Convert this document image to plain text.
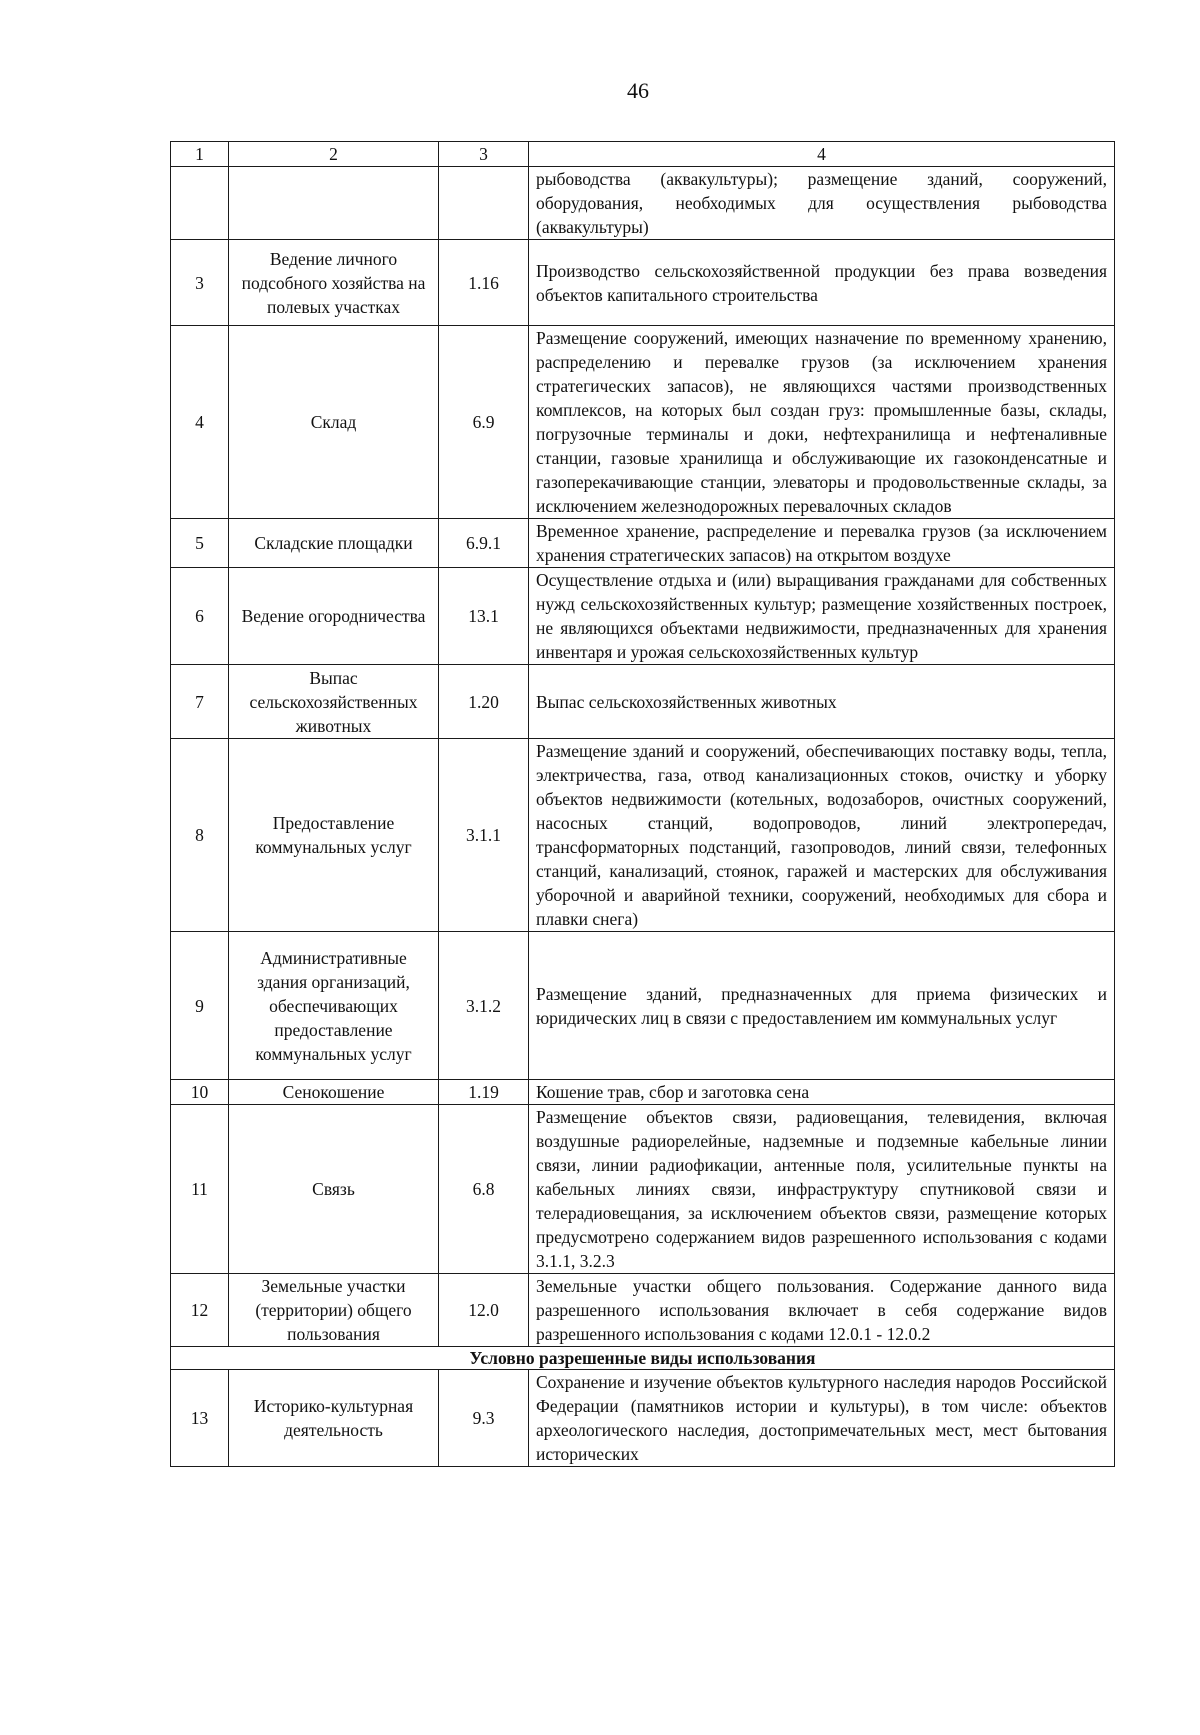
46
1	2	3	4
			рыбоводства (аквакультуры); размещение зданий, сооружений, оборудования, необходимых для осуществления рыбоводства (аквакультуры)
3	Ведение личного подсобного хозяйства на полевых участках	1.16	Производство сельскохозяйственной продукции без права возведения объектов капитального строительства
4	Склад	6.9	Размещение сооружений, имеющих назначение по временному хранению, распределению и перевалке грузов (за исключением хранения стратегических запасов), не являющихся частями производственных комплексов, на которых был создан груз: промышленные базы, склады, погрузочные терминалы и доки, нефтехранилища и нефтеналивные станции, газовые хранилища и обслуживающие их газоконденсатные и газоперекачивающие станции, элеваторы и продовольственные склады, за исключением железнодорожных перевалочных складов
5	Складские площадки	6.9.1	Временное хранение, распределение и перевалка грузов (за исключением хранения стратегических запасов) на открытом воздухе
6	Ведение огородничества	13.1	Осуществление отдыха и (или) выращивания гражданами для собственных нужд сельскохозяйственных культур; размещение хозяйственных построек, не являющихся объектами недвижимости, предназначенных для хранения инвентаря и урожая сельскохозяйственных культур
7	Выпас сельскохозяйственных животных	1.20	Выпас сельскохозяйственных животных
8	Предоставление коммунальных услуг	3.1.1	Размещение зданий и сооружений, обеспечивающих поставку воды, тепла, электричества, газа, отвод канализационных стоков, очистку и уборку объектов недвижимости (котельных, водозаборов, очистных сооружений, насосных станций, водопроводов, линий электропередач, трансформаторных подстанций, газопроводов, линий связи, телефонных станций, канализаций, стоянок, гаражей и мастерских для обслуживания уборочной и аварийной техники, сооружений, необходимых для сбора и плавки снега)
9	Административные здания организаций, обеспечивающих предоставление коммунальных услуг	3.1.2	Размещение зданий, предназначенных для приема физических и юридических лиц в связи с предоставлением им коммунальных услуг
10	Сенокошение	1.19	Кошение трав, сбор и заготовка сена
11	Связь	6.8	Размещение объектов связи, радиовещания, телевидения, включая воздушные радиорелейные, надземные и подземные кабельные линии связи, линии радиофикации, антенные поля, усилительные пункты на кабельных линиях связи, инфраструктуру спутниковой связи и телерадиовещания, за исключением объектов связи, размещение которых предусмотрено содержанием видов разрешенного использования с кодами 3.1.1, 3.2.3
12	Земельные участки (территории) общего пользования	12.0	Земельные участки общего пользования. Содержание данного вида разрешенного использования включает в себя содержание видов разрешенного использования с кодами 12.0.1 - 12.0.2
Условно разрешенные виды использования			
13	Историко-культурная деятельность	9.3	Сохранение и изучение объектов культурного наследия народов Российской Федерации (памятников истории и культуры), в том числе: объектов археологического наследия, достопримечательных мест, мест бытования исторических
